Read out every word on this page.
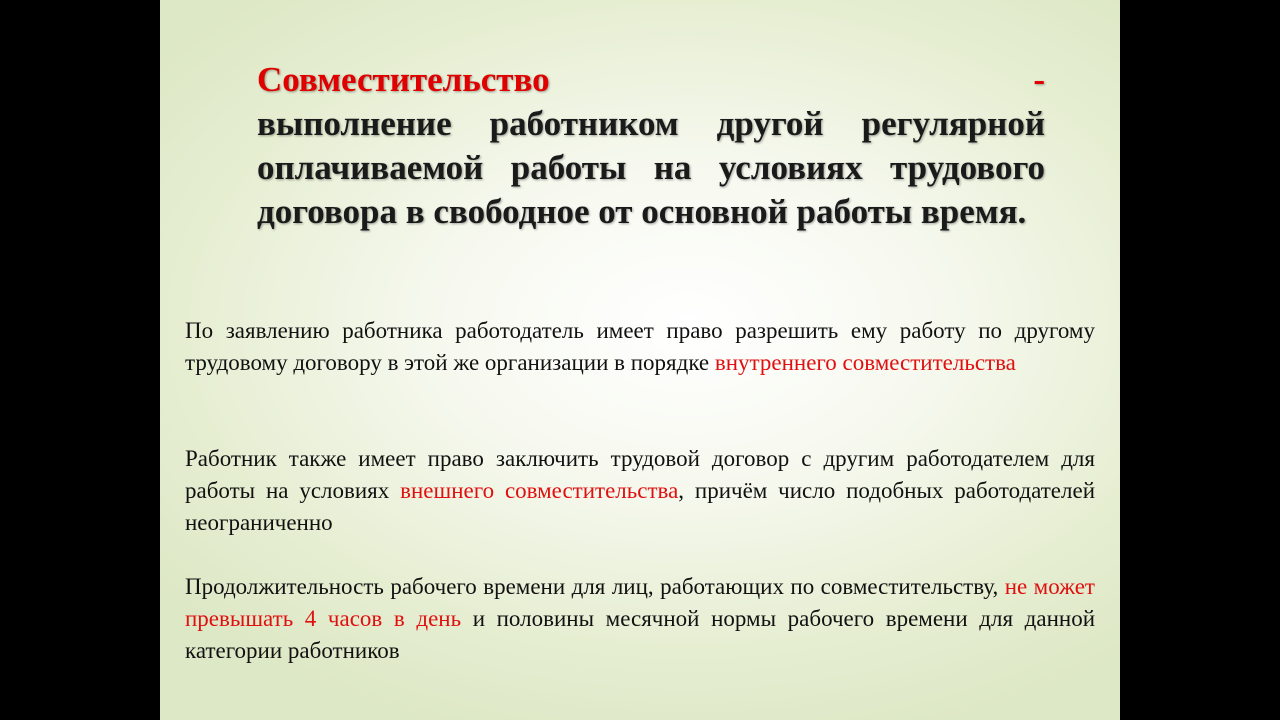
Совместительство	-
выполнение работником другой регулярной оплачиваемой работы на условиях трудового договора в свободное от основной работы время.
По заявлению работника работодатель имеет право разрешить ему работу по другому трудовому договору в этой же организации в порядке внутреннего совместительства
Работник также имеет право заключить трудовой договор с другим работодателем для работы на условиях внешнего совместительства, причём число подобных работодателей неограниченно
Продолжительность рабочего времени для лиц, работающих по совместительству, не может превышать 4 часов в день и половины месячной нормы рабочего времени для данной категории работников
